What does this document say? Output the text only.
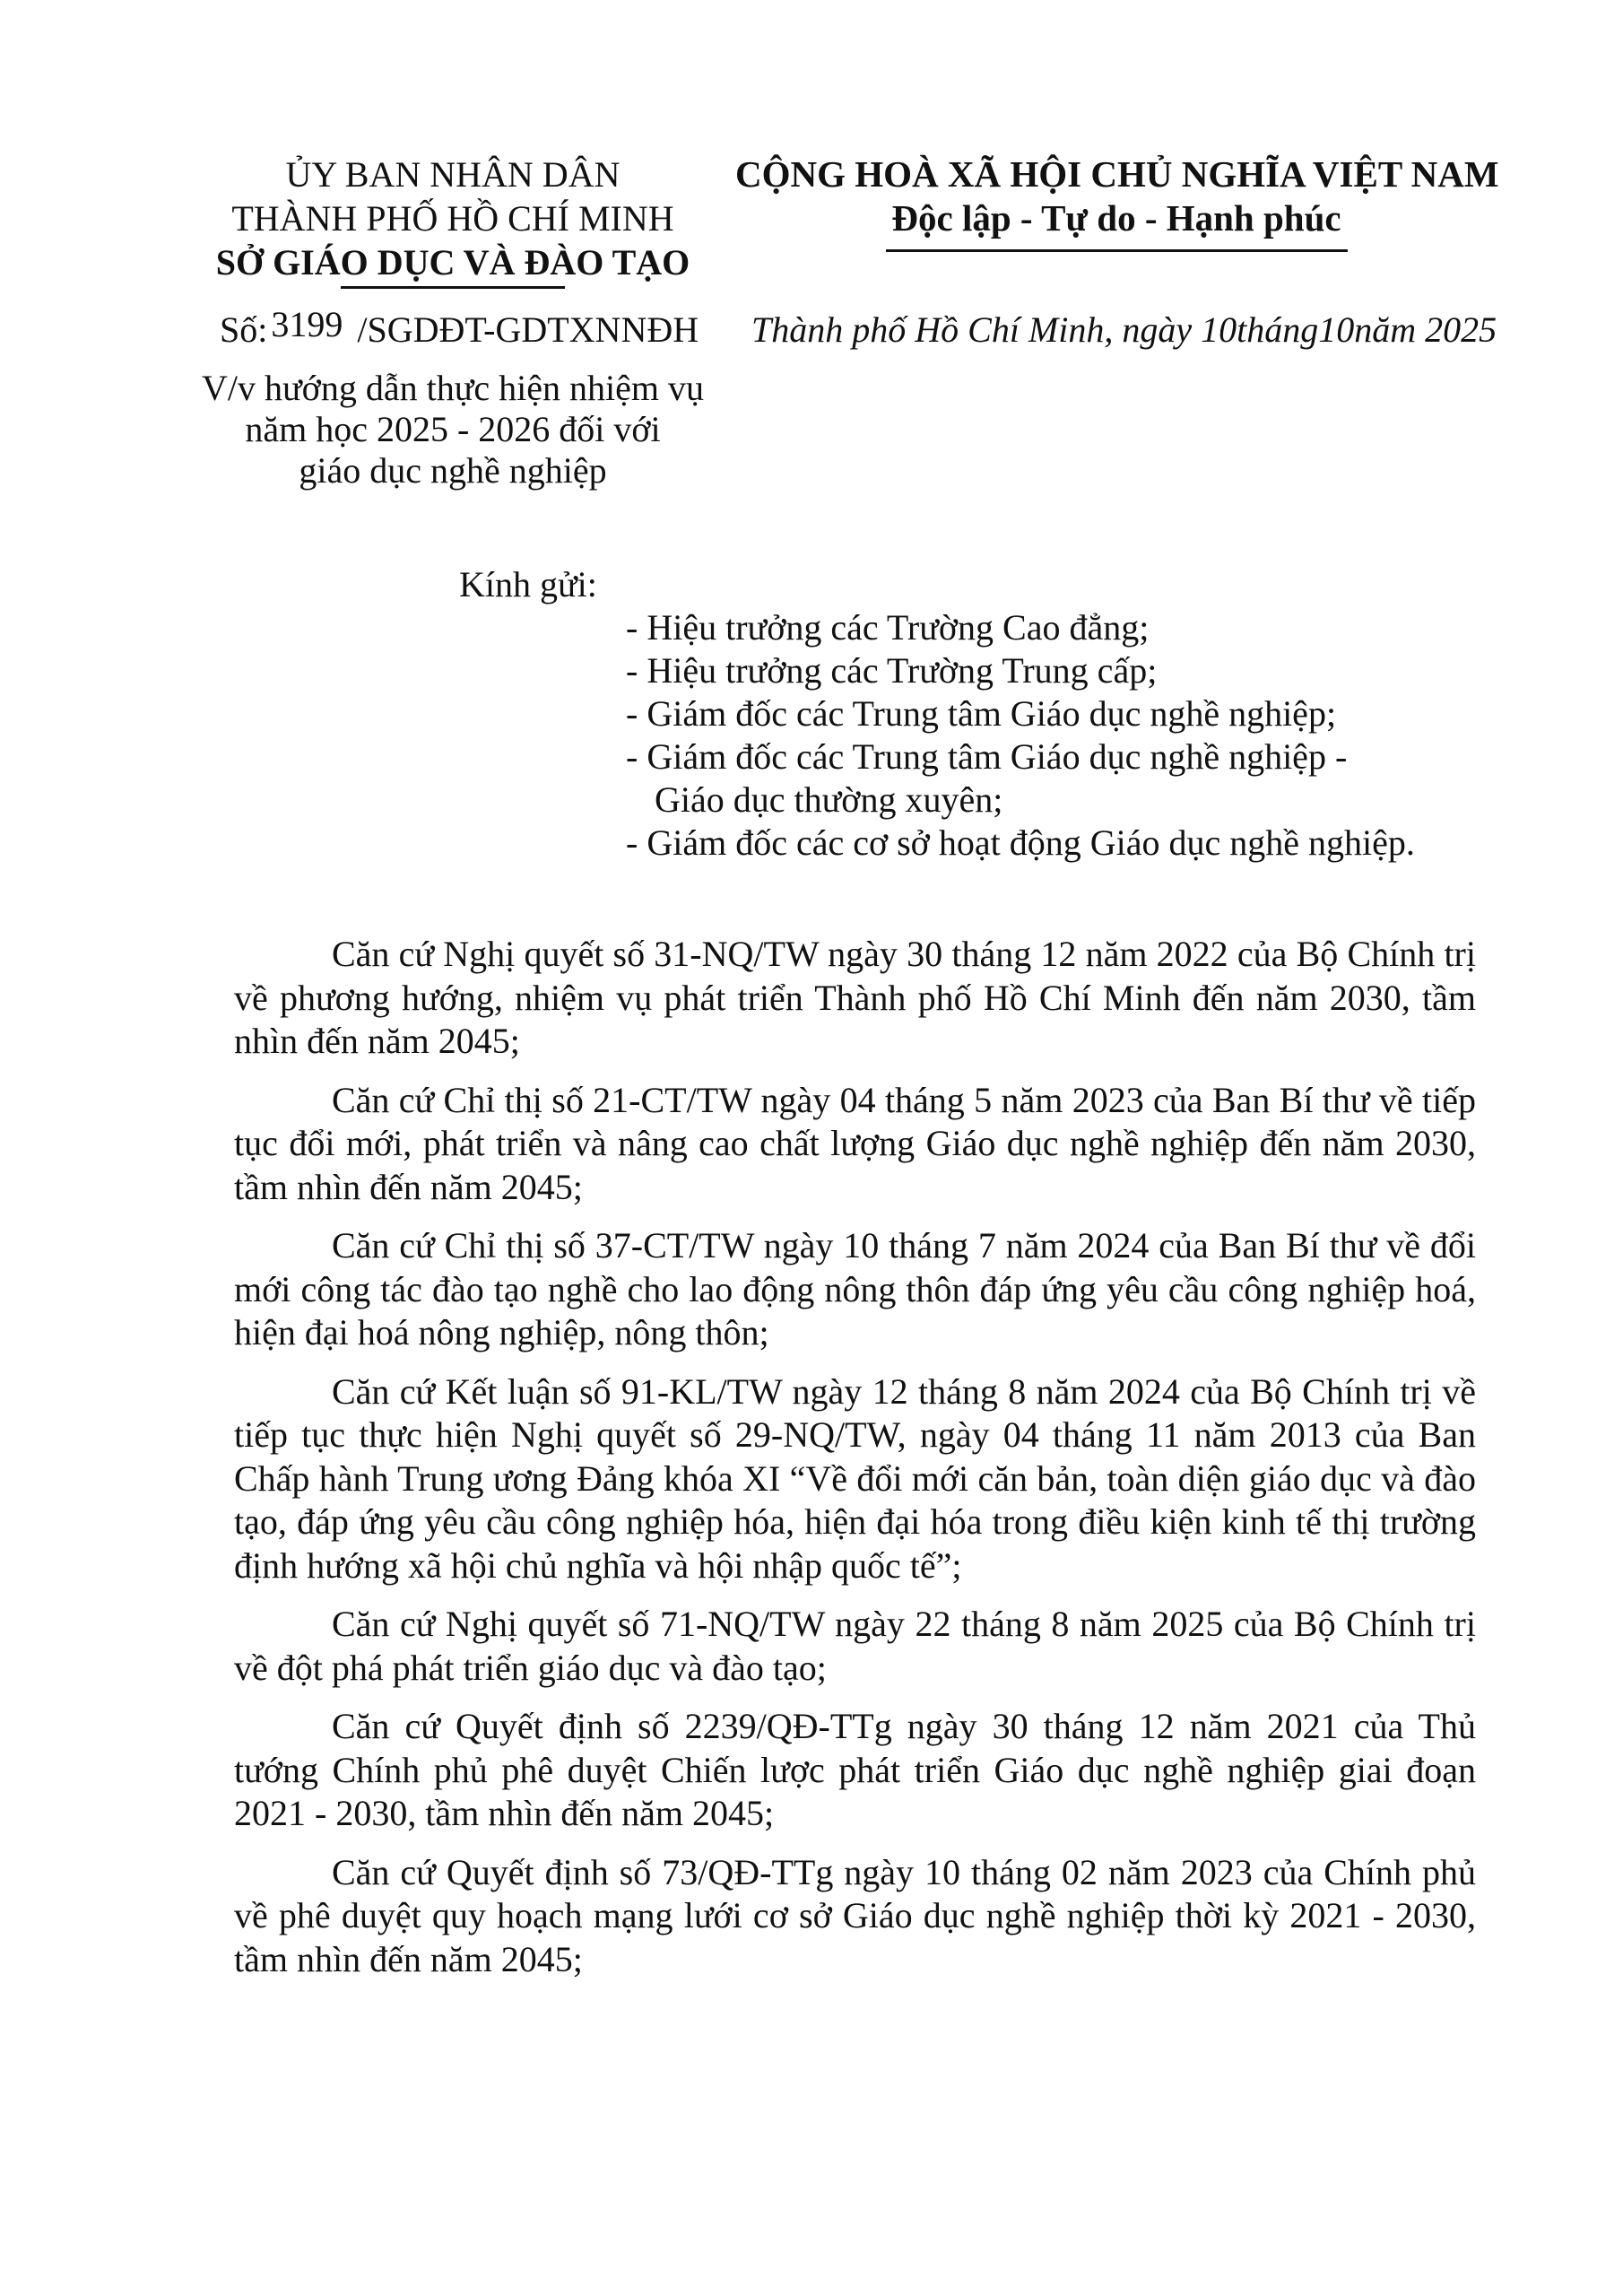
ỦY BAN NHÂN DÂN
THÀNH PHỐ HỒ CHÍ MINH
SỞ GIÁO DỤC VÀ ĐÀO TẠO
CỘNG HOÀ XÃ HỘI CHỦ NGHĨA VIỆT NAM
Độc lập - Tự do - Hạnh phúc
Số: 3199 /SGDĐT-GDTXNNĐH Thành phố Hồ Chí Minh, ngày 10tháng10năm 2025
V/v hướng dẫn thực hiện nhiệm vụ
năm học 2025 - 2026 đối với
giáo dục nghề nghiệp
Kính gửi:
- Hiệu trưởng các Trường Cao đẳng;
- Hiệu trưởng các Trường Trung cấp;
- Giám đốc các Trung tâm Giáo dục nghề nghiệp;
- Giám đốc các Trung tâm Giáo dục nghề nghiệp -
Giáo dục thường xuyên;
- Giám đốc các cơ sở hoạt động Giáo dục nghề nghiệp.

Căn cứ Nghị quyết số 31-NQ/TW ngày 30 tháng 12 năm 2022 của Bộ Chính trị về phương hướng, nhiệm vụ phát triển Thành phố Hồ Chí Minh đến năm 2030, tầm nhìn đến năm 2045;

Căn cứ Chỉ thị số 21-CT/TW ngày 04 tháng 5 năm 2023 của Ban Bí thư về tiếp tục đổi mới, phát triển và nâng cao chất lượng Giáo dục nghề nghiệp đến năm 2030, tầm nhìn đến năm 2045;

Căn cứ Chỉ thị số 37-CT/TW ngày 10 tháng 7 năm 2024 của Ban Bí thư về đổi mới công tác đào tạo nghề cho lao động nông thôn đáp ứng yêu cầu công nghiệp hoá, hiện đại hoá nông nghiệp, nông thôn;

Căn cứ Kết luận số 91-KL/TW ngày 12 tháng 8 năm 2024 của Bộ Chính trị về tiếp tục thực hiện Nghị quyết số 29-NQ/TW, ngày 04 tháng 11 năm 2013 của Ban Chấp hành Trung ương Đảng khóa XI “Về đổi mới căn bản, toàn diện giáo dục và đào tạo, đáp ứng yêu cầu công nghiệp hóa, hiện đại hóa trong điều kiện kinh tế thị trường định hướng xã hội chủ nghĩa và hội nhập quốc tế”;

Căn cứ Nghị quyết số 71-NQ/TW ngày 22 tháng 8 năm 2025 của Bộ Chính trị về đột phá phát triển giáo dục và đào tạo;

Căn cứ Quyết định số 2239/QĐ-TTg ngày 30 tháng 12 năm 2021 của Thủ tướng Chính phủ phê duyệt Chiến lược phát triển Giáo dục nghề nghiệp giai đoạn 2021 - 2030, tầm nhìn đến năm 2045;

Căn cứ Quyết định số 73/QĐ-TTg ngày 10 tháng 02 năm 2023 của Chính phủ về phê duyệt quy hoạch mạng lưới cơ sở Giáo dục nghề nghiệp thời kỳ 2021 - 2030, tầm nhìn đến năm 2045;
